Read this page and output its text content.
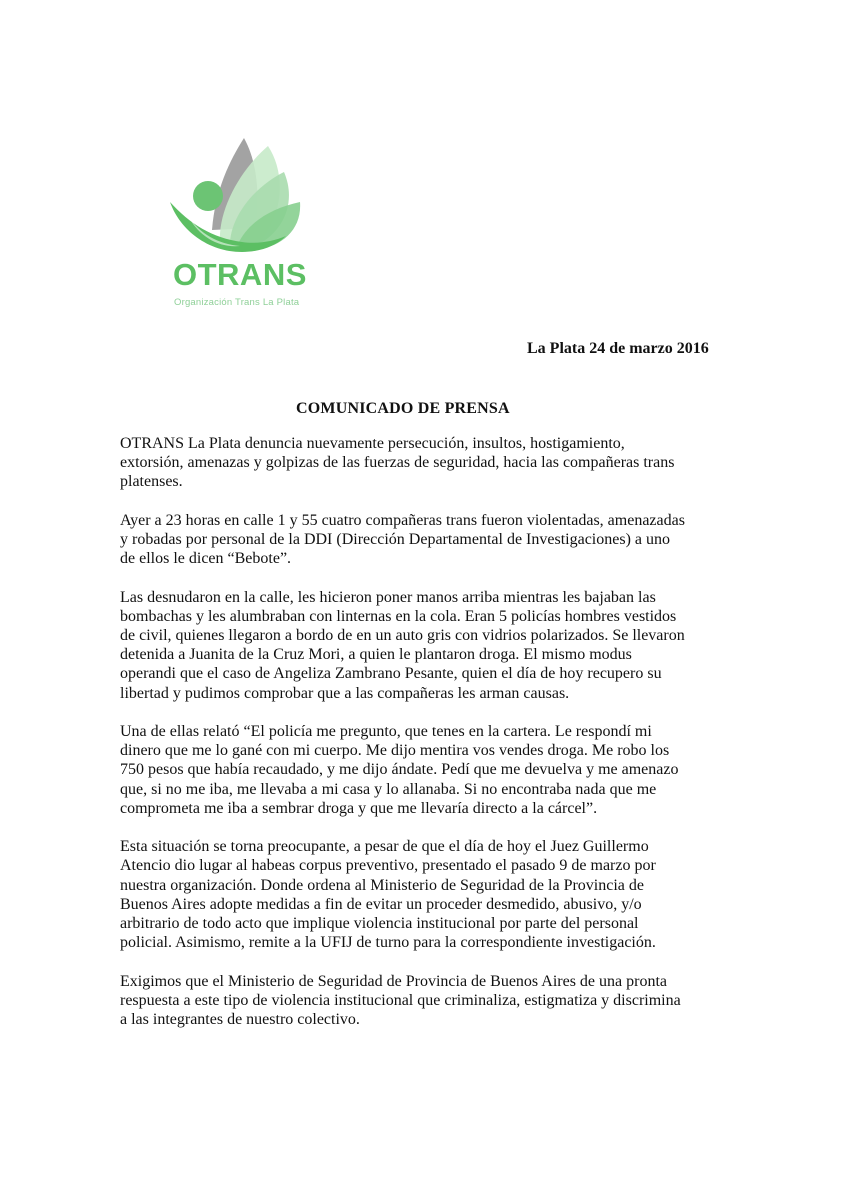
OTRANS
Organización Trans La Plata
La Plata 24 de marzo 2016
COMUNICADO DE PRENSA

OTRANS La Plata denuncia nuevamente persecución, insultos, hostigamiento,
extorsión, amenazas y golpizas de las fuerzas de seguridad, hacia las compañeras trans
platenses.

Ayer a 23 horas en calle 1 y 55 cuatro compañeras trans fueron violentadas, amenazadas
y robadas por personal de la DDI (Dirección Departamental de Investigaciones) a uno
de ellos le dicen “Bebote”.

Las desnudaron en la calle, les hicieron poner manos arriba mientras les bajaban las
bombachas y les alumbraban con linternas en la cola. Eran 5 policías hombres vestidos
de civil, quienes llegaron a bordo de en un auto gris con vidrios polarizados. Se llevaron
detenida a Juanita de la Cruz Mori, a quien le plantaron droga. El mismo modus
operandi que el caso de Angeliza Zambrano Pesante, quien el día de hoy recupero su
libertad y pudimos comprobar que a las compañeras les arman causas.

Una de ellas relató “El policía me pregunto, que tenes en la cartera. Le respondí mi
dinero que me lo gané con mi cuerpo. Me dijo mentira vos vendes droga. Me robo los
750 pesos que había recaudado, y me dijo ándate. Pedí que me devuelva y me amenazo
que, si no me iba, me llevaba a mi casa y lo allanaba. Si no encontraba nada que me
comprometa me iba a sembrar droga y que me llevaría directo a la cárcel”.

Esta situación se torna preocupante, a pesar de que el día de hoy el Juez Guillermo
Atencio dio lugar al habeas corpus preventivo, presentado el pasado 9 de marzo por
nuestra organización. Donde ordena al Ministerio de Seguridad de la Provincia de
Buenos Aires adopte medidas a fin de evitar un proceder desmedido, abusivo, y/o
arbitrario de todo acto que implique violencia institucional por parte del personal
policial. Asimismo, remite a la UFIJ de turno para la correspondiente investigación.

Exigimos que el Ministerio de Seguridad de Provincia de Buenos Aires de una pronta
respuesta a este tipo de violencia institucional que criminaliza, estigmatiza y discrimina
a las integrantes de nuestro colectivo.
